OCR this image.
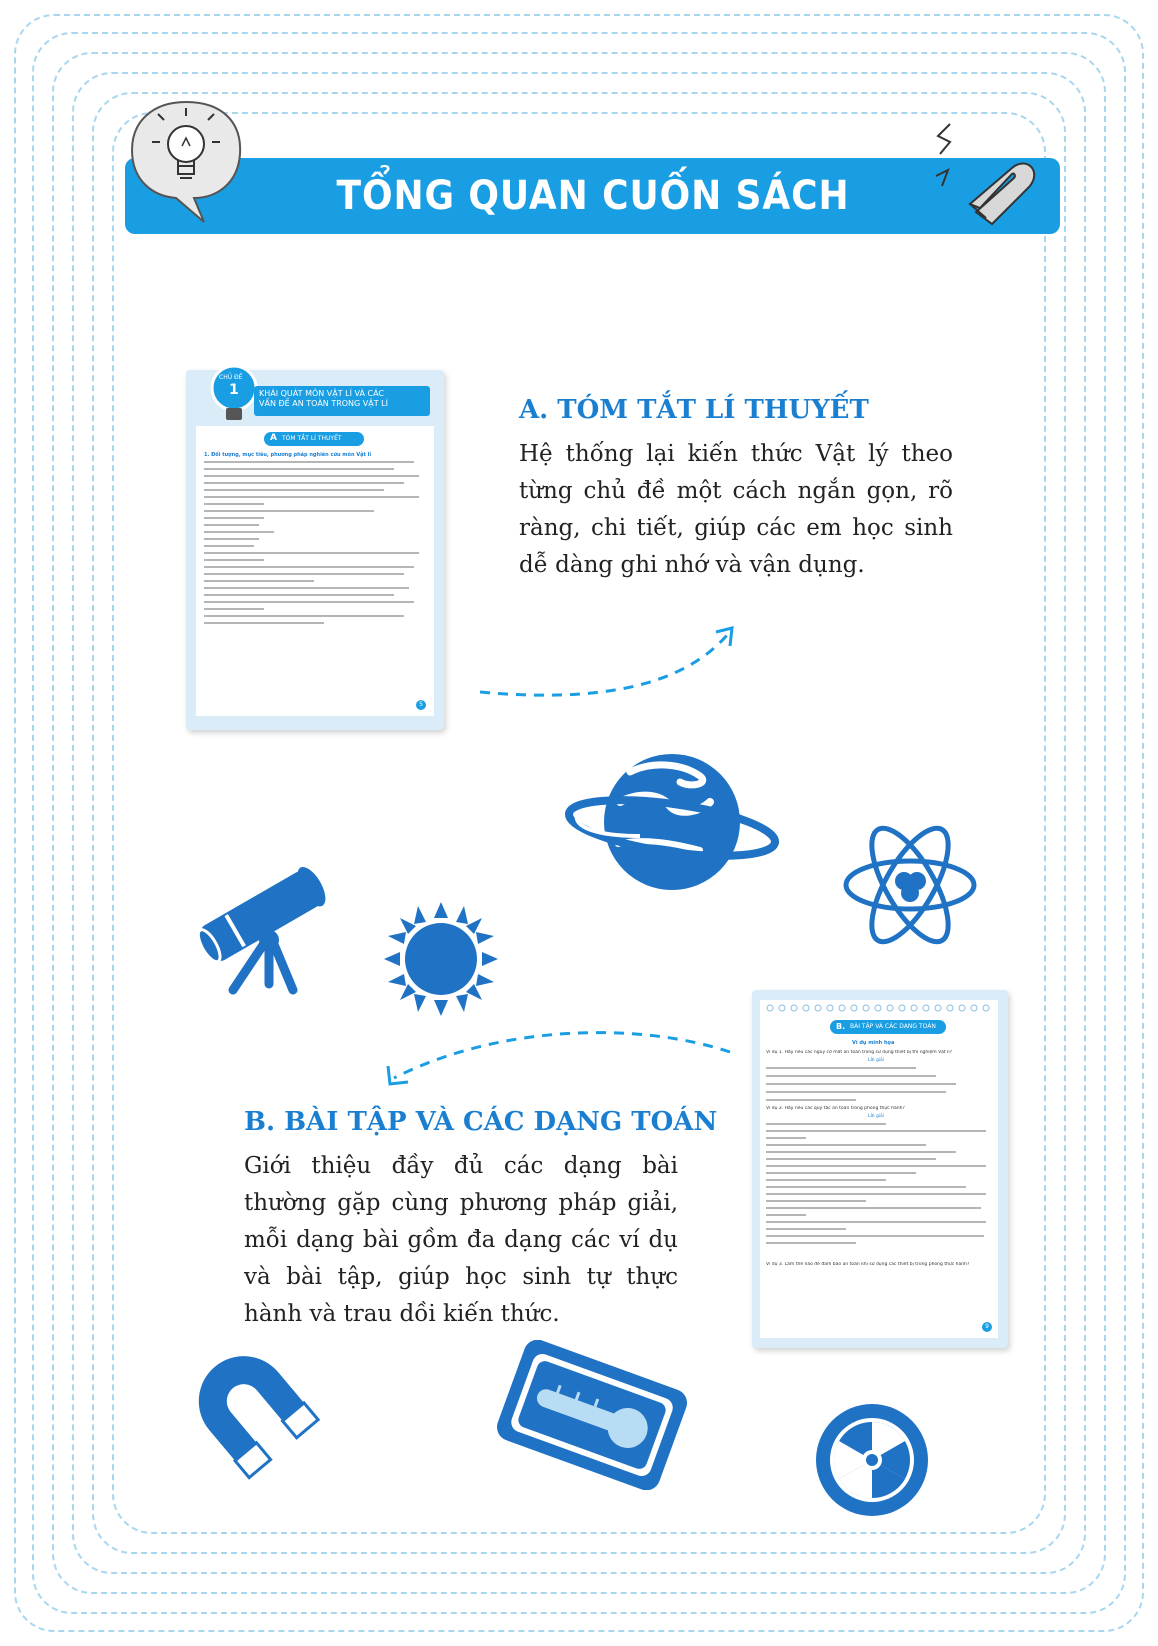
TỔNG QUAN CUỐN SÁCH
CHỦ ĐỀ
1	KHÁI QUÁT MÔN VẬT LÍ VÀ CÁC
VẤN ĐỀ AN TOÀN TRONG VẬT LÍ
A TÓM TẮT LÍ THUYẾT
1. Đối tượng, mục tiêu, phương pháp nghiên cứu môn Vật lí
5
A. TÓM TẮT LÍ THUYẾT

Hệ thống lại kiến thức Vật lý theo từng chủ đề một cách ngắn gọn, rõ ràng, chi tiết, giúp các em học sinh dễ dàng ghi nhớ và vận dụng.

B. BÀI TẬP VÀ CÁC DẠNG TOÁN
Ví dụ minh họa
Ví dụ 1. Hãy nêu các nguy cơ mất an toàn trong sử dụng thiết bị thí nghiệm Vật lí?
Lời giải
Ví dụ 2. Hãy nêu các quy tắc an toàn trong phòng thực hành?
Lời giải
Ví dụ 3. Làm thế nào để đảm bảo an toàn khi sử dụng các thiết bị trong phòng thực hành?
9
B. BÀI TẬP VÀ CÁC DẠNG TOÁN

Giới thiệu đầy đủ các dạng bài thường gặp cùng phương pháp giải, mỗi dạng bài gồm đa dạng các ví dụ và bài tập, giúp học sinh tự thực hành và trau dồi kiến thức.
